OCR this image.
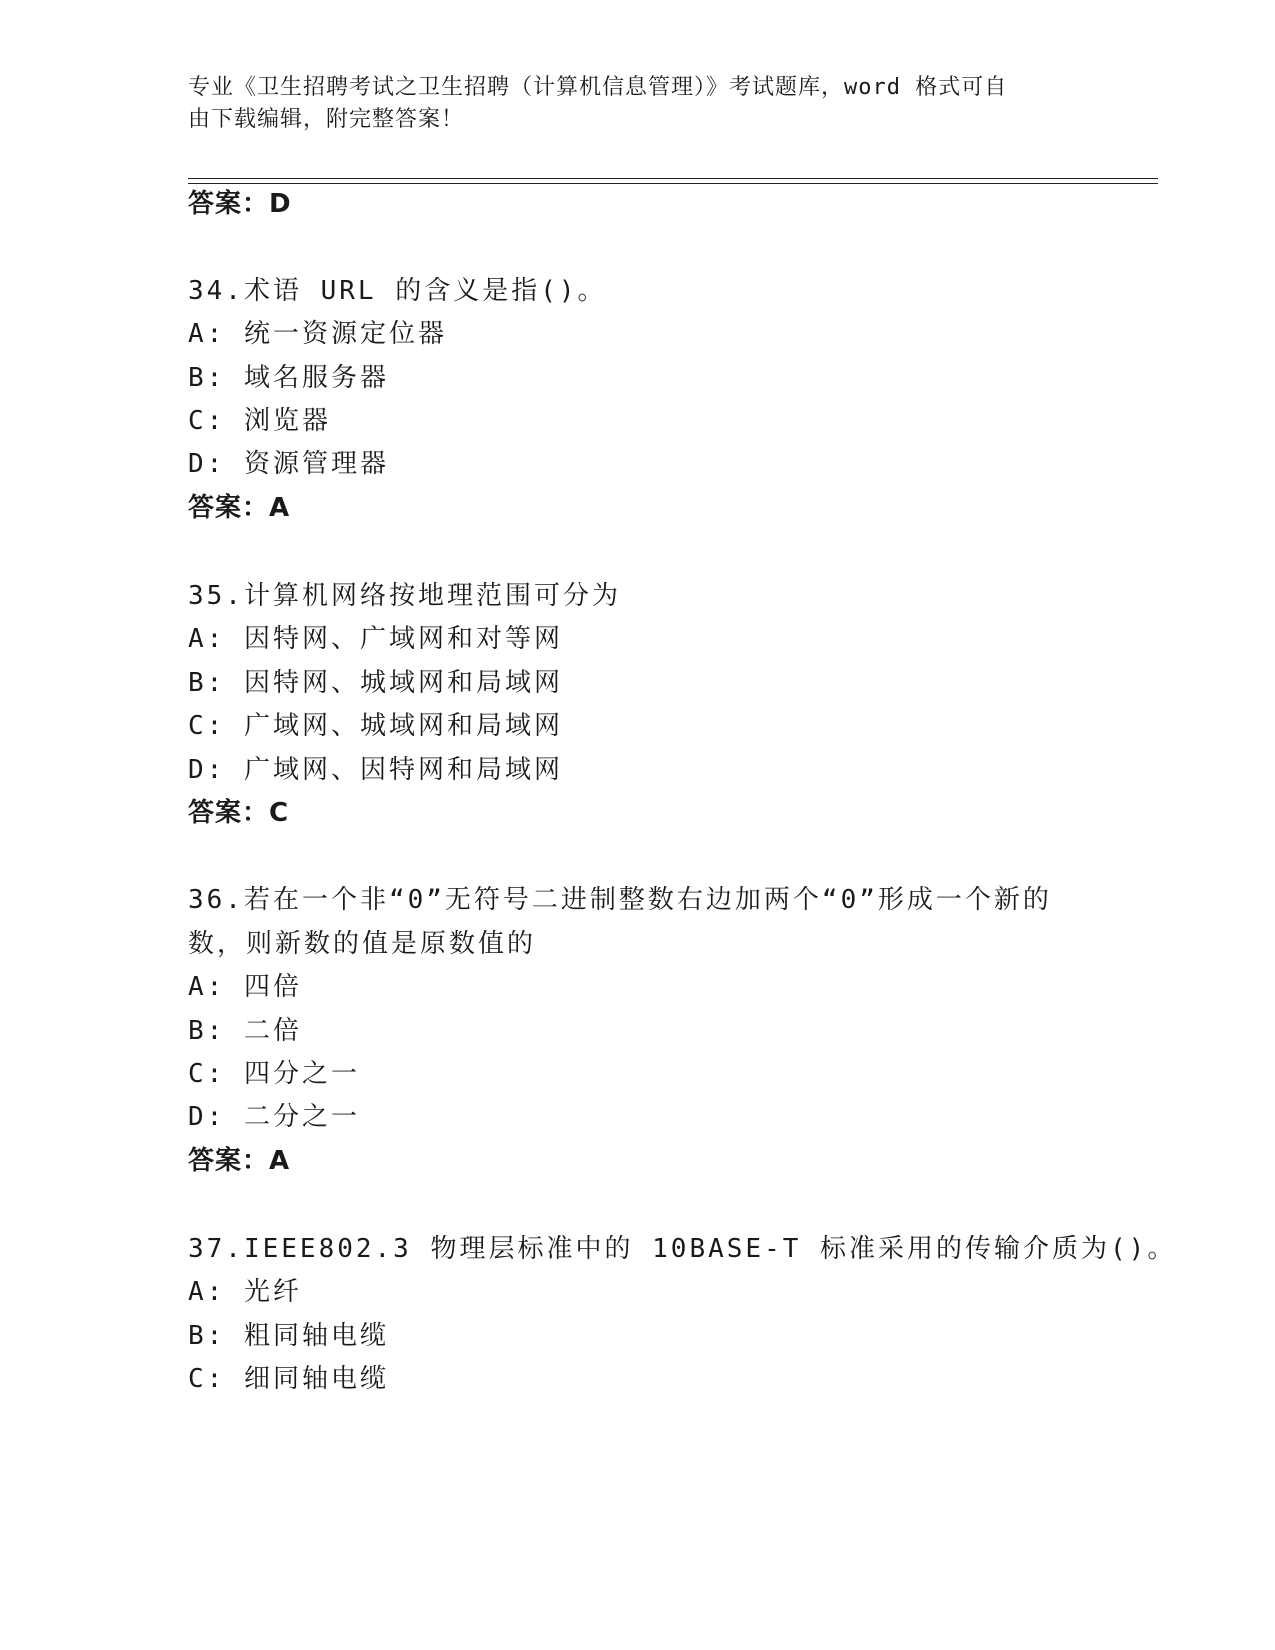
专业《卫生招聘考试之卫生招聘（计算机信息管理）》考试题库，word 格式可自
由下载编辑，附完整答案！
答案：D
34.术语 URL 的含义是指()。
A: 统一资源定位器
B: 域名服务器
C: 浏览器
D: 资源管理器
答案：A
35.计算机网络按地理范围可分为
A: 因特网、广域网和对等网
B: 因特网、城域网和局域网
C: 广域网、城域网和局域网
D: 广域网、因特网和局域网
答案：C
36.若在一个非“0”无符号二进制整数右边加两个“0”形成一个新的
数，则新数的值是原数值的
A: 四倍
B: 二倍
C: 四分之一
D: 二分之一
答案：A
37.IEEE802.3 物理层标准中的 10BASE-T 标准采用的传输介质为()。
A: 光纤
B: 粗同轴电缆
C: 细同轴电缆
